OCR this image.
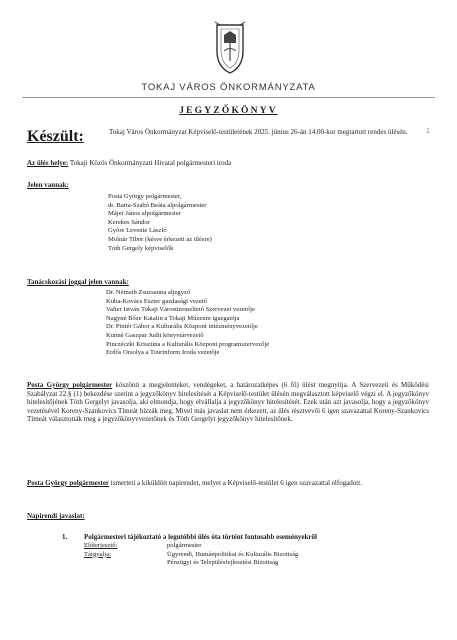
TOKAJ VÁROS ÖNKORMÁNYZATA
JEGYZŐKÖNYV
1
Készült:	Tokaj Város Önkormányzat Képviselő-testületének 2025. június 26-án 14.00-kor megtartott rendes ülésén.

Az ülés helye: Tokaji Közös Önkormányzati Hivatal polgármesteri iroda

Jelen vannak:
Posta György polgármester,
dr. Barta-Szabó Beáta alpolgármester
Májer János alpolgármester
Kerekes Sándor
Győre Levente László
Molnár Tibor (késve érkezett az ülésre)
Tóth Gergely képviselők
Tanácskozási joggal jelen vannak:
Dr. Németh Zsuzsanna aljegyző
Kuba-Kovács Eszter gazdasági vezető
Valter István Tokaji Városüzemeltető Szervezet vezetője
Nagyné Bőze Katalin a Tokaji Múzeum igazgatója
Dr. Pintér Gábor a Kulturális Központ intézményvezetője
Kunné Gaszpar Judit könyvtárvezető
Pinczéczki Krisztina a Kulturális Központ programszervezője
Erdős Orsolya a Tourinform Iroda vezetője

Posta György polgármester köszönti a megjelenteket, vendégeket, a határozatképes (6 fő) ülést megnyitja. A Szervezeti és Működési Szabályzat 22.§ (1) bekezdése szerint a jegyzőkönyv hitelesítését a Képviselő-testület ülésén megválasztott képviselő végzi el. A jegyzőkönyv hitelesítőjének Tóth Gergelyt javasolja, aki elmondja, hogy elvállalja a jegyzőkönyv hitelesítését. Ezek után azt javasolja, hogy a jegyzőkönyv vezetésével Koreny-Szankovics Tímeát bízzák meg. Mivel más javaslat nem érkezett, az ülés résztvevői 6 igen szavazattal Koreny-Szankovics Tímeát választották meg a jegyzőkönyvvezetőnek és Tóth Gergelyt jegyzőkönyv hitelesítőnek.

Posta György polgármester ismerteti a kiküldött napirendet, melyet a Képviselő-testület 6 igen szavazattal elfogadott.

Napirendi javaslat:
1.	Polgármesteri tájékoztató a legutóbbi ülés óta történt fontosabb eseményekről
Előterjesztő:	polgármester
Tárgyalja:	Ügyrendi, Humánpolitikai és Kulturális Bizottság
Pénzügyi és Településfejlesztési Bizottság
